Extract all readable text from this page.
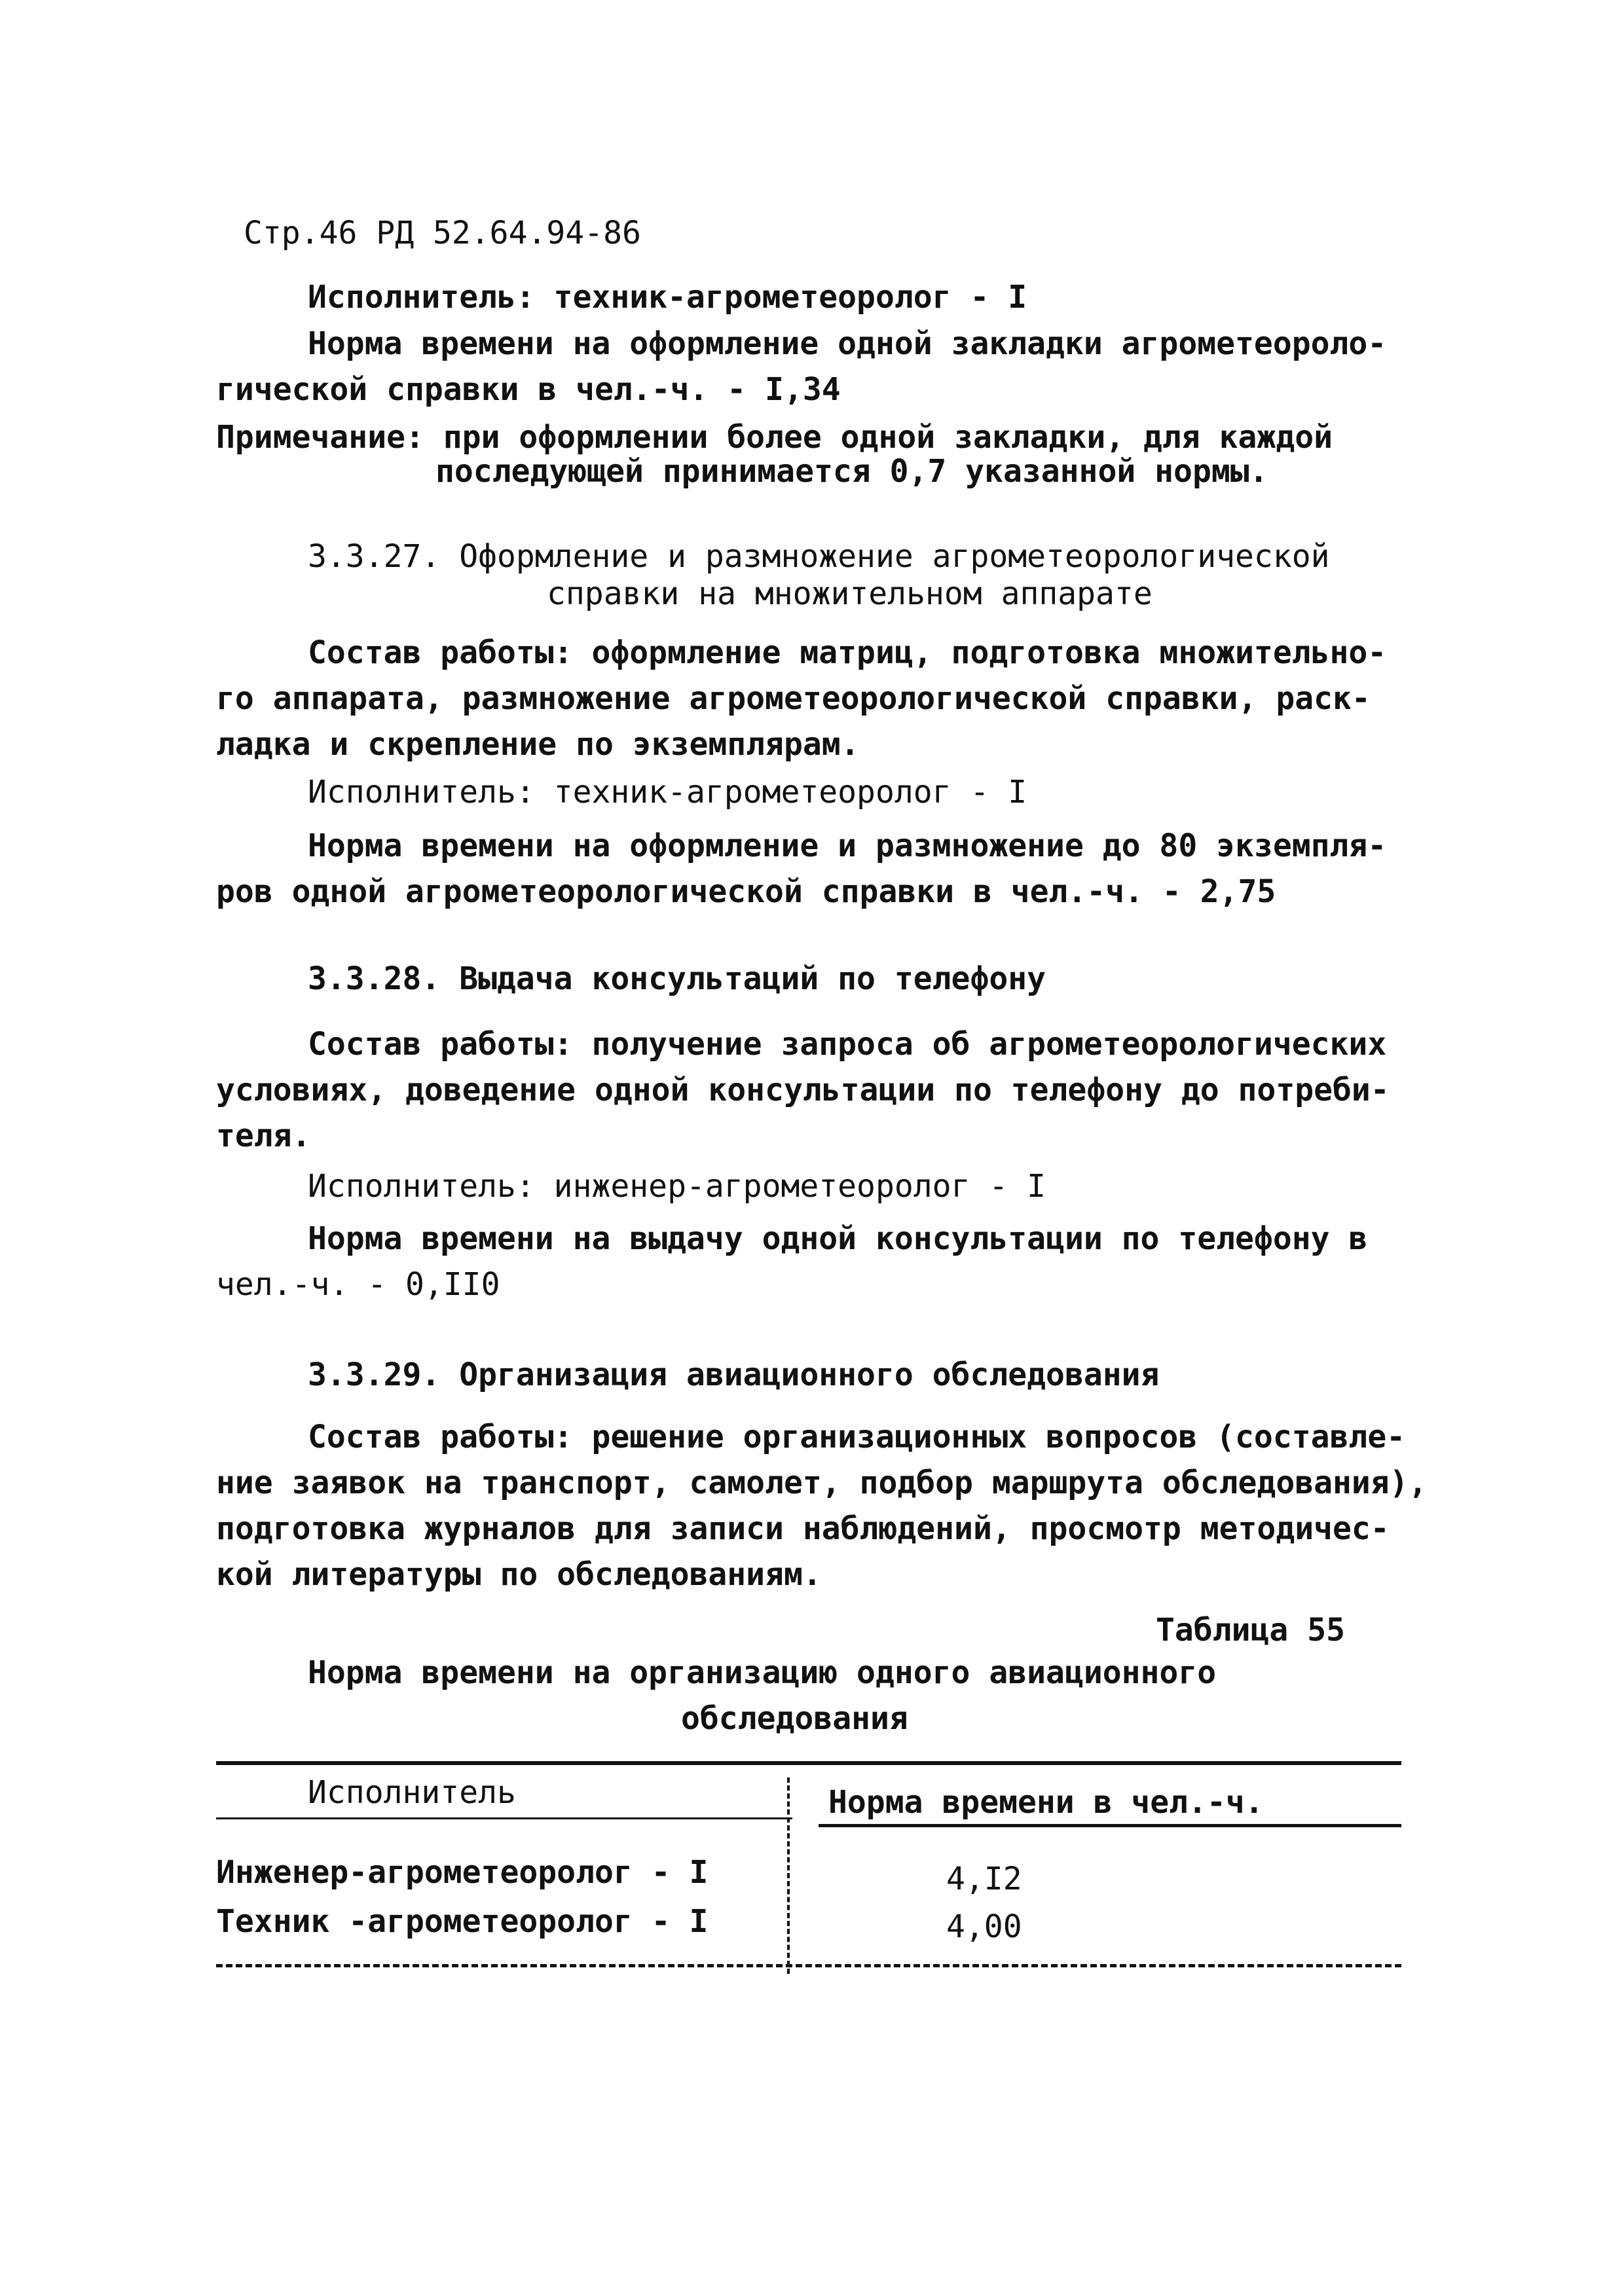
Стр.46 РД 52.64.94-86
Исполнитель: техник-агрометеоролог - I
Норма времени на оформление одной закладки агрометеороло-
гической справки в чел.-ч. - I,34
Примечание: при оформлении более одной закладки, для каждой
последующей принимается 0,7 указанной нормы.
3.3.27. Оформление и размножение агрометеорологической
справки на множительном аппарате
Состав работы: оформление матриц, подготовка множительно-
го аппарата, размножение агрометеорологической справки, раск-
ладка и скрепление по экземплярам.
Исполнитель: техник-агрометеоролог - I
Норма времени на оформление и размножение до 80 экземпля-
ров одной агрометеорологической справки в чел.-ч. - 2,75
3.3.28. Выдача консультаций по телефону
Состав работы: получение запроса об агрометеорологических
условиях, доведение одной консультации по телефону до потреби-
теля.
Исполнитель: инженер-агрометеоролог - I
Норма времени на выдачу одной консультации по телефону в
чел.-ч. - 0,II0
3.3.29. Организация авиационного обследования
Состав работы: решение организационных вопросов (составле-
ние заявок на транспорт, самолет, подбор маршрута обследования),
подготовка журналов для записи наблюдений, просмотр методичес-
кой литературы по обследованиям.
Таблица 55
Норма времени на организацию одного авиационного
обследования
Исполнитель	Норма времени в чел.-ч.
Инженер-агрометеоролог - I	4,I2
Техник -агрометеоролог - I	4,00
